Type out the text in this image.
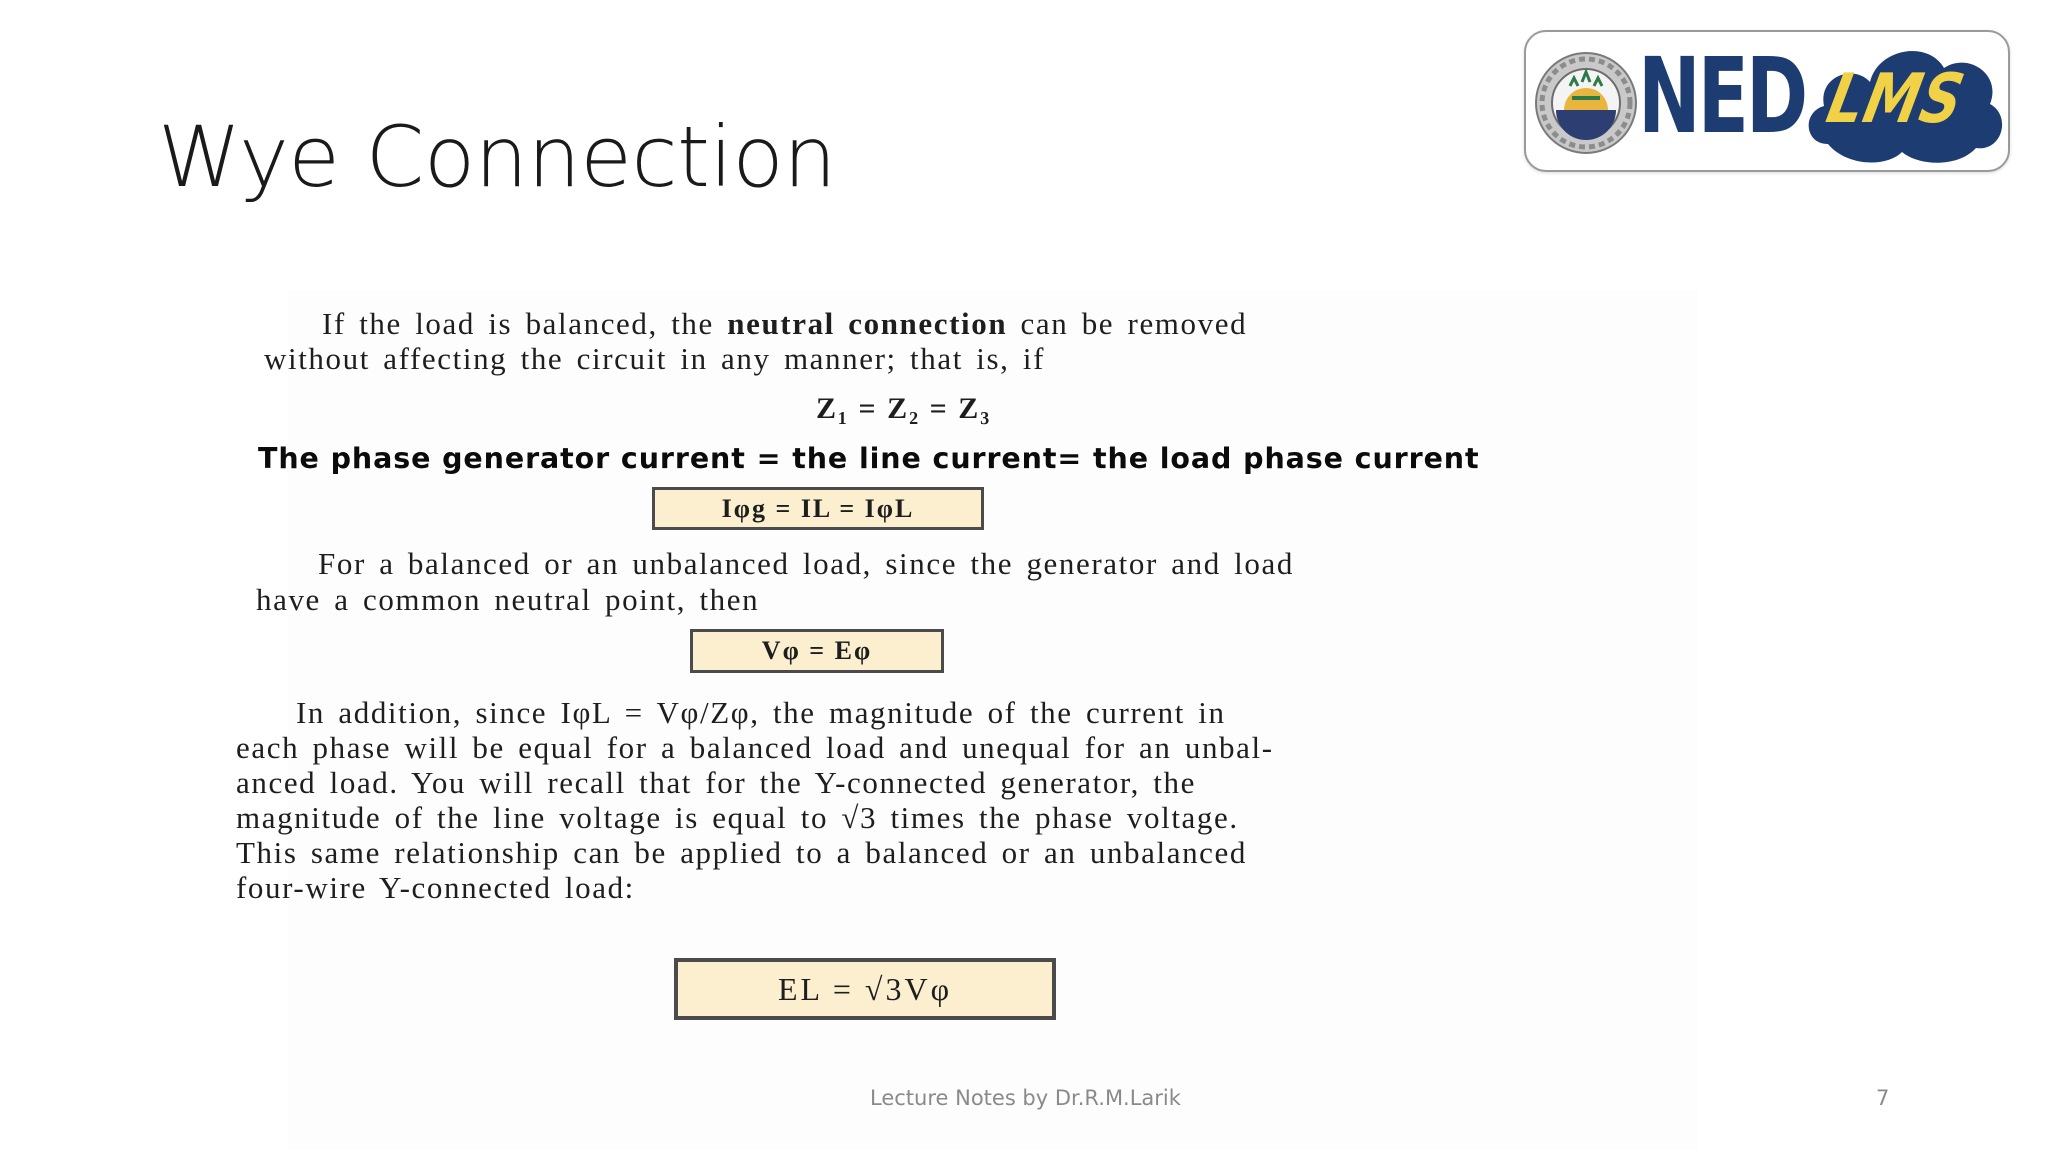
Wye Connection	NED LMS
If the load is balanced, the neutral connection can be removed
without affecting the circuit in any manner; that is, if
Z₁ = Z₂ = Z₃
The phase generator current = the line current= the load phase current
Iφg = IL = IφL
For a balanced or an unbalanced load, since the generator and load
have a common neutral point, then
Vφ = Eφ
In addition, since IφL = Vφ/Zφ, the magnitude of the current in
each phase will be equal for a balanced load and unequal for an unbal-
anced load. You will recall that for the Y-connected generator, the
magnitude of the line voltage is equal to √3 times the phase voltage.
This same relationship can be applied to a balanced or an unbalanced
four-wire Y-connected load:
EL = √3Vφ
Lecture Notes by Dr.R.M.Larik	7
